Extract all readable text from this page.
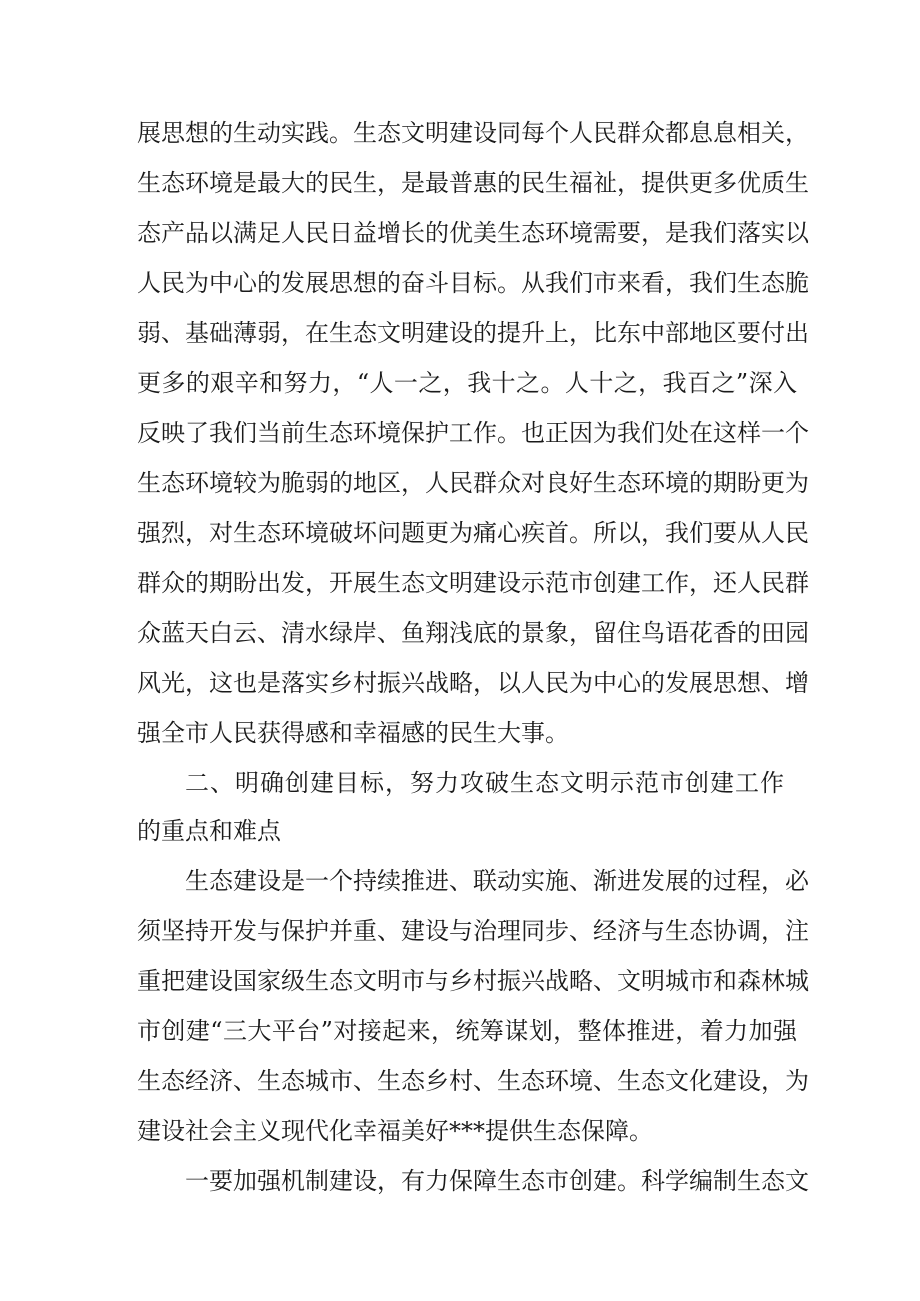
展思想的生动实践。生态文明建设同每个人民群众都息息相关，
生态环境是最大的民生，是最普惠的民生福祉，提供更多优质生
态产品以满足人民日益增长的优美生态环境需要，是我们落实以
人民为中心的发展思想的奋斗目标。从我们市来看，我们生态脆
弱、基础薄弱，在生态文明建设的提升上，比东中部地区要付出
更多的艰辛和努力，“人一之，我十之。人十之，我百之”深入
反映了我们当前生态环境保护工作。也正因为我们处在这样一个
生态环境较为脆弱的地区，人民群众对良好生态环境的期盼更为
强烈，对生态环境破坏问题更为痛心疾首。所以，我们要从人民
群众的期盼出发，开展生态文明建设示范市创建工作，还人民群
众蓝天白云、清水绿岸、鱼翔浅底的景象，留住鸟语花香的田园
风光，这也是落实乡村振兴战略，以人民为中心的发展思想、增
强全市人民获得感和幸福感的民生大事。
二、明确创建目标，努力攻破生态文明示范市创建工作
的重点和难点
生态建设是一个持续推进、联动实施、渐进发展的过程，必
须坚持开发与保护并重、建设与治理同步、经济与生态协调，注
重把建设国家级生态文明市与乡村振兴战略、文明城市和森林城
市创建“三大平台”对接起来，统筹谋划，整体推进，着力加强
生态经济、生态城市、生态乡村、生态环境、生态文化建设，为
建设社会主义现代化幸福美好***提供生态保障。
一要加强机制建设，有力保障生态市创建。科学编制生态文
